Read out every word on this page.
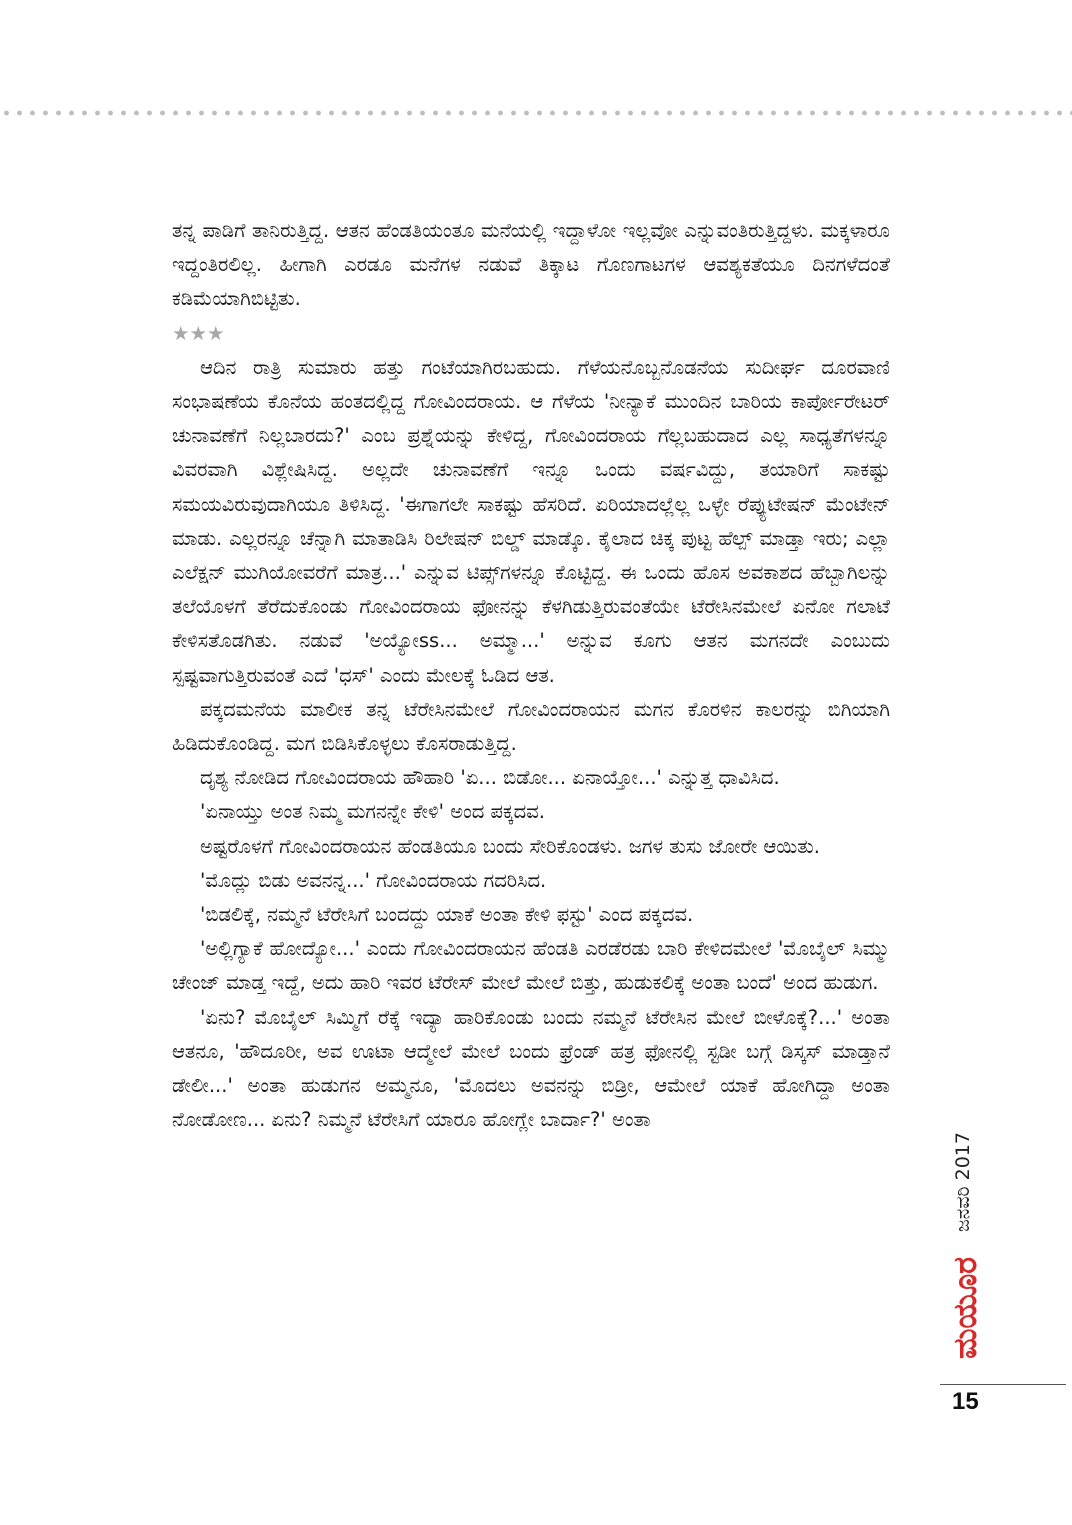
ತನ್ನ ಪಾಡಿಗೆ ತಾನಿರುತ್ತಿದ್ದ. ಆತನ ಹೆಂಡತಿಯಂತೂ ಮನೆಯಲ್ಲಿ ಇದ್ದಾಳೋ ಇಲ್ಲವೋ ಎನ್ನುವಂತಿರುತ್ತಿದ್ದಳು. ಮಕ್ಕಳಾರೂ ಇದ್ದಂತಿರಲಿಲ್ಲ. ಹೀಗಾಗಿ ಎರಡೂ ಮನೆಗಳ ನಡುವೆ ತಿಕ್ಕಾಟ ಗೊಣಗಾಟಗಳ ಆವಶ್ಯಕತೆಯೂ ದಿನಗಳೆದಂತೆ ಕಡಿಮೆಯಾಗಿಬಿಟ್ಟಿತು.

★★★

ಆದಿನ ರಾತ್ರಿ ಸುಮಾರು ಹತ್ತು ಗಂಟೆಯಾಗಿರಬಹುದು. ಗೆಳೆಯನೊಬ್ಬನೊಡನೆಯ ಸುದೀರ್ಘ ದೂರವಾಣಿ ಸಂಭಾಷಣೆಯ ಕೊನೆಯ ಹಂತದಲ್ಲಿದ್ದ ಗೋವಿಂದರಾಯ. ಆ ಗೆಳೆಯ 'ನೀನ್ಯಾಕೆ ಮುಂದಿನ ಬಾರಿಯ ಕಾರ್ಪೋರೇಟರ್ ಚುನಾವಣೆಗೆ ನಿಲ್ಲಬಾರದು?' ಎಂಬ ಪ್ರಶ್ನೆಯನ್ನು ಕೇಳಿದ್ದ, ಗೋವಿಂದರಾಯ ಗೆಲ್ಲಬಹುದಾದ ಎಲ್ಲ ಸಾಧ್ಯತೆಗಳನ್ನೂ ವಿವರವಾಗಿ ವಿಶ್ಲೇಷಿಸಿದ್ದ. ಅಲ್ಲದೇ ಚುನಾವಣೆಗೆ ಇನ್ನೂ ಒಂದು ವರ್ಷವಿದ್ದು, ತಯಾರಿಗೆ ಸಾಕಷ್ಟು ಸಮಯವಿರುವುದಾಗಿಯೂ ತಿಳಿಸಿದ್ದ. 'ಈಗಾಗಲೇ ಸಾಕಷ್ಟು ಹೆಸರಿದೆ. ಏರಿಯಾದಲ್ಲೆಲ್ಲ ಒಳ್ಳೇ ರೆಪ್ಯುಟೇಷನ್ ಮೆಂಟೇನ್ ಮಾಡು. ಎಲ್ಲರನ್ನೂ ಚೆನ್ನಾಗಿ ಮಾತಾಡಿಸಿ ರಿಲೇಷನ್ ಬಿಲ್ಡ್ ಮಾಡ್ಕೊ. ಕೈಲಾದ ಚಿಕ್ಕ ಪುಟ್ಟ ಹೆಲ್ಪ್ ಮಾಡ್ತಾ ಇರು; ಎಲ್ಲಾ ಎಲೆಕ್ಷನ್ ಮುಗಿಯೋವರೆಗೆ ಮಾತ್ರ...' ಎನ್ನುವ ಟಿಪ್ಸ್‌ಗಳನ್ನೂ ಕೊಟ್ಟಿದ್ದ. ಈ ಒಂದು ಹೊಸ ಅವಕಾಶದ ಹೆಬ್ಬಾಗಿಲನ್ನು ತಲೆಯೊಳಗೆ ತೆರೆದುಕೊಂಡು ಗೋವಿಂದರಾಯ ಫೋನನ್ನು ಕೆಳಗಿಡುತ್ತಿರುವಂತೆಯೇ ಟೆರೇಸಿನಮೇಲೆ ಏನೋ ಗಲಾಟೆ ಕೇಳಿಸತೊಡಗಿತು. ನಡುವೆ 'ಅಯ್ಯೋss... ಅಮ್ಮಾ...' ಅನ್ನುವ ಕೂಗು ಆತನ ಮಗನದೇ ಎಂಬುದು ಸ್ಪಷ್ಟವಾಗುತ್ತಿರುವಂತೆ ಎದೆ 'ಧಸ್' ಎಂದು ಮೇಲಕ್ಕೆ ಓಡಿದ ಆತ.

ಪಕ್ಕದಮನೆಯ ಮಾಲೀಕ ತನ್ನ ಟೆರೇಸಿನಮೇಲೆ ಗೋವಿಂದರಾಯನ ಮಗನ ಕೊರಳಿನ ಕಾಲರನ್ನು ಬಿಗಿಯಾಗಿ ಹಿಡಿದುಕೊಂಡಿದ್ದ. ಮಗ ಬಿಡಿಸಿಕೊಳ್ಳಲು ಕೊಸರಾಡುತ್ತಿದ್ದ.

ದೃಶ್ಯ ನೋಡಿದ ಗೋವಿಂದರಾಯ ಹೌಹಾರಿ 'ಏ... ಬಿಡೋ... ಏನಾಯ್ತೋ...' ಎನ್ನುತ್ತ ಧಾವಿಸಿದ.

'ಏನಾಯ್ತು ಅಂತ ನಿಮ್ಮ ಮಗನನ್ನೇ ಕೇಳಿ' ಅಂದ ಪಕ್ಕದವ.

ಅಷ್ಟರೊಳಗೆ ಗೋವಿಂದರಾಯನ ಹೆಂಡತಿಯೂ ಬಂದು ಸೇರಿಕೊಂಡಳು. ಜಗಳ ತುಸು ಜೋರೇ ಆಯಿತು.

'ಮೊದ್ಲು ಬಿಡು ಅವನನ್ನ...' ಗೋವಿಂದರಾಯ ಗದರಿಸಿದ.

'ಬಿಡಲಿಕ್ಕೆ, ನಮ್ಮನೆ ಟೆರೇಸಿಗೆ ಬಂದದ್ದು ಯಾಕೆ ಅಂತಾ ಕೇಳಿ ಫಸ್ಟು' ಎಂದ ಪಕ್ಕದವ.

'ಅಲ್ಲಿಗ್ಯಾಕೆ ಹೋದ್ಯೋ...' ಎಂದು ಗೋವಿಂದರಾಯನ ಹೆಂಡತಿ ಎರಡೆರಡು ಬಾರಿ ಕೇಳಿದಮೇಲೆ 'ಮೊಬೈಲ್ ಸಿಮ್ಮು ಚೇಂಜ್ ಮಾಡ್ತ ಇದ್ದೆ, ಅದು ಹಾರಿ ಇವರ ಟೆರೇಸ್ ಮೇಲೆ ಮೇಲೆ ಬಿತ್ತು, ಹುಡುಕಲಿಕ್ಕೆ ಅಂತಾ ಬಂದೆ' ಅಂದ ಹುಡುಗ.

'ಏನು? ಮೊಬೈಲ್ ಸಿಮ್ಮಿಗೆ ರೆಕ್ಕೆ ಇದ್ಯಾ ಹಾರಿಕೊಂಡು ಬಂದು ನಮ್ಮನೆ ಟೆರೇಸಿನ ಮೇಲೆ ಬೀಳೊಕ್ಕೆ?...' ಅಂತಾ ಆತನೂ, 'ಹೌದೂರೀ, ಅವ ಊಟಾ ಆದ್ಮೇಲೆ ಮೇಲೆ ಬಂದು ಫ್ರೆಂಡ್ ಹತ್ರ ಫೋನಲ್ಲಿ ಸ್ಟಡೀ ಬಗ್ಗೆ ಡಿಸ್ಕಸ್ ಮಾಡ್ತಾನೆ ಡೇಲೀ...' ಅಂತಾ ಹುಡುಗನ ಅಮ್ಮನೂ, 'ಮೊದಲು ಅವನನ್ನು ಬಿಡ್ರೀ, ಆಮೇಲೆ ಯಾಕೆ ಹೋಗಿದ್ದಾ ಅಂತಾ ನೋಡೋಣ... ಏನು? ನಿಮ್ಮನೆ ಟೆರೇಸಿಗೆ ಯಾರೂ ಹೋಗ್ಲೇ ಬಾರ್ದಾ?' ಅಂತಾ

ಜನವರಿ 2017
ಮಯೂರ
15
